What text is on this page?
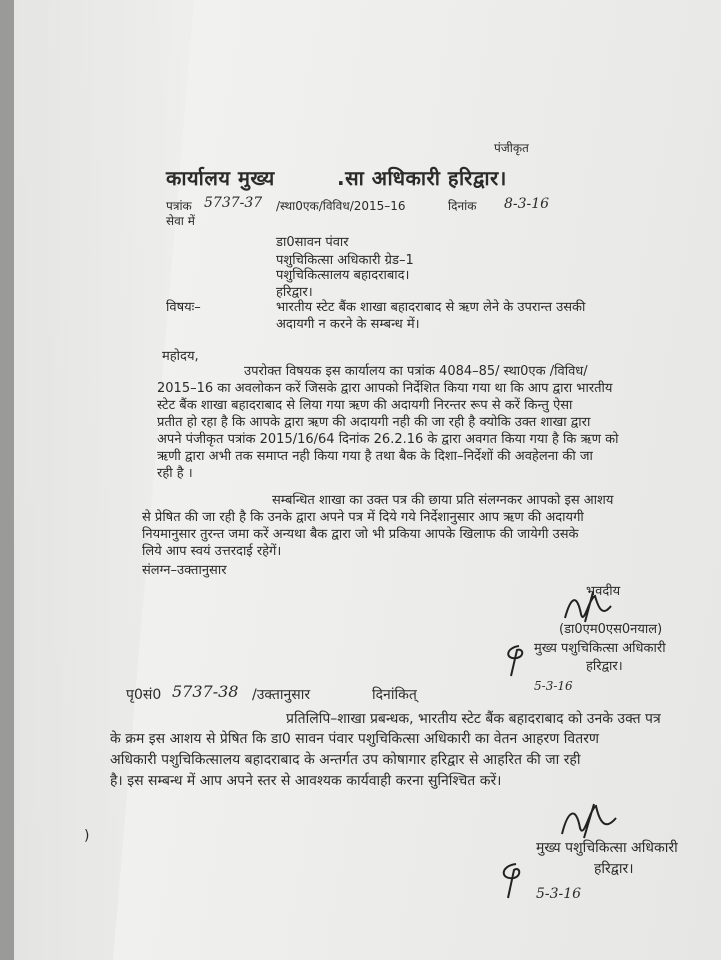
पंजीकृत
कार्यालय मुख्य	.सा अधिकारी हरिद्वार।
पत्रांक 5737-37 /स्था0एक/विविध/2015–16	दिनांक 8-3-16
सेवा में
डा0सावन पंवार
पशुचिकित्सा अधिकारी ग्रेड–1
पशुचिकित्सालय बहादराबाद।
हरिद्वार।
विषयः–	भारतीय स्टेट बैंक शाखा बहादराबाद से ऋण लेने के उपरान्त उसकी
अदायगी न करने के सम्बन्ध में।
महोदय,
उपरोक्त विषयक इस कार्यालय का पत्रांक 4084–85/ स्था0एक /विविध/
2015–16 का अवलोकन करें जिसके द्वारा आपको निर्देशित किया गया था कि आप द्वारा भारतीय
स्टेट बैंक शाखा बहादराबाद से लिया गया ऋण की अदायगी निरन्तर रूप से करें किन्तु ऐसा
प्रतीत हो रहा है कि आपके द्वारा ऋण की अदायगी नही की जा रही है क्योकि उक्त शाखा द्वारा
अपने पंजीकृत पत्रांक 2015/16/64 दिनांक 26.2.16 के द्वारा अवगत किया गया है कि ऋण को
ऋणी द्वारा अभी तक समाप्त नही किया गया है तथा बैक के दिशा–निर्देशों की अवहेलना की जा
रही है ।
सम्बन्धित शाखा का उक्त पत्र की छाया प्रति संलग्नकर आपको इस आशय
से प्रेषित की जा रही है कि उनके द्वारा अपने पत्र में दिये गये निर्देशानुसार आप ऋण की अदायगी
नियमानुसार तुरन्त जमा करें अन्यथा बैक द्वारा जो भी प्रकिया आपके खिलाफ की जायेगी उसके
लिये आप स्वयं उत्तरदाई रहेगें।
संलग्न–उक्तानुसार
भवदीय
(डा0एम0एस0नयाल)
मुख्य पशुचिकित्सा अधिकारी
हरिद्वार।
5-3-16
पृ0सं0 5737-38 /उक्तानुसार	दिनांकित्
प्रतिलिपि–शाखा प्रबन्धक, भारतीय स्टेट बैंक बहादराबाद को उनके उक्त पत्र
के क्रम इस आशय से प्रेषित कि डा0 सावन पंवार पशुचिकित्सा अधिकारी का वेतन आहरण वितरण
अधिकारी पशुचिकित्सालय बहादराबाद के अन्तर्गत उप कोषागार हरिद्वार से आहरित की जा रही
है। इस सम्बन्ध में आप अपने स्तर से आवश्यक कार्यवाही करना सुनिश्चित करें।
)
मुख्य पशुचिकित्सा अधिकारी
हरिद्वार।
5-3-16
